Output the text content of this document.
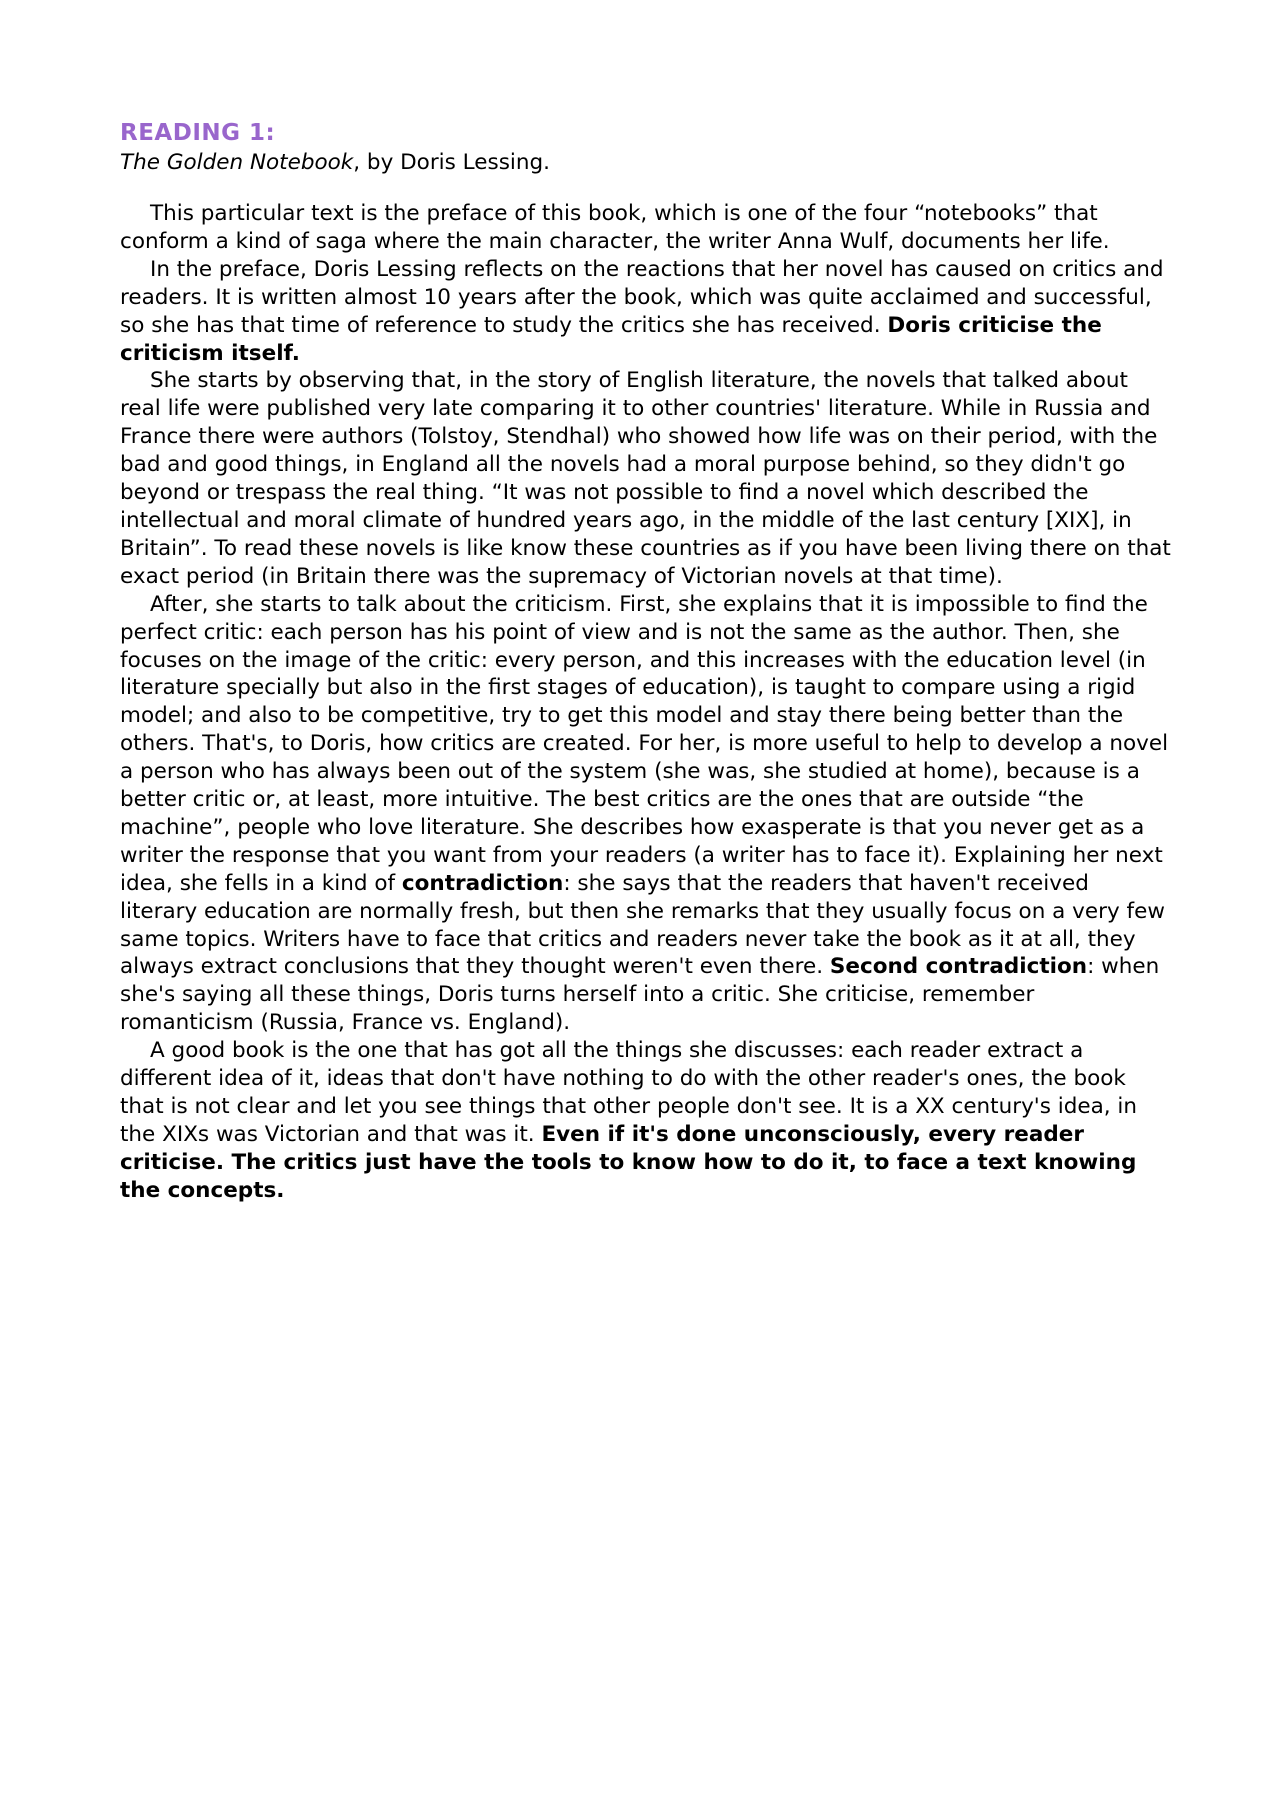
READING 1:
The Golden Notebook, by Doris Lessing.

This particular text is the preface of this book, which is one of the four “notebooks” that conform a kind of saga where the main character, the writer Anna Wulf, documents her life.

In the preface, Doris Lessing reflects on the reactions that her novel has caused on critics and readers. It is written almost 10 years after the book, which was quite acclaimed and successful, so she has that time of reference to study the critics she has received. Doris criticise the criticism itself.

She starts by observing that, in the story of English literature, the novels that talked about real life were published very late comparing it to other countries' literature. While in Russia and France there were authors (Tolstoy, Stendhal) who showed how life was on their period, with the bad and good things, in England all the novels had a moral purpose behind, so they didn't go beyond or trespass the real thing. “It was not possible to find a novel which described the intellectual and moral climate of hundred years ago, in the middle of the last century [XIX], in Britain”. To read these novels is like know these countries as if you have been living there on that exact period (in Britain there was the supremacy of Victorian novels at that time).

After, she starts to talk about the criticism. First, she explains that it is impossible to find the perfect critic: each person has his point of view and is not the same as the author. Then, she focuses on the image of the critic: every person, and this increases with the education level (in literature specially but also in the first stages of education), is taught to compare using a rigid model; and also to be competitive, try to get this model and stay there being better than the others. That's, to Doris, how critics are created. For her, is more useful to help to develop a novel a person who has always been out of the system (she was, she studied at home), because is a better critic or, at least, more intuitive. The best critics are the ones that are outside “the machine”, people who love literature. She describes how exasperate is that you never get as a writer the response that you want from your readers (a writer has to face it). Explaining her next idea, she fells in a kind of contradiction: she says that the readers that haven't received literary education are normally fresh, but then she remarks that they usually focus on a very few same topics. Writers have to face that critics and readers never take the book as it at all, they always extract conclusions that they thought weren't even there. Second contradiction: when she's saying all these things, Doris turns herself into a critic. She criticise, remember romanticism (Russia, France vs. England).

A good book is the one that has got all the things she discusses: each reader extract a different idea of it, ideas that don't have nothing to do with the other reader's ones, the book that is not clear and let you see things that other people don't see. It is a XX century's idea, in the XIXs was Victorian and that was it. Even if it's done unconsciously, every reader criticise. The critics just have the tools to know how to do it, to face a text knowing the concepts.
